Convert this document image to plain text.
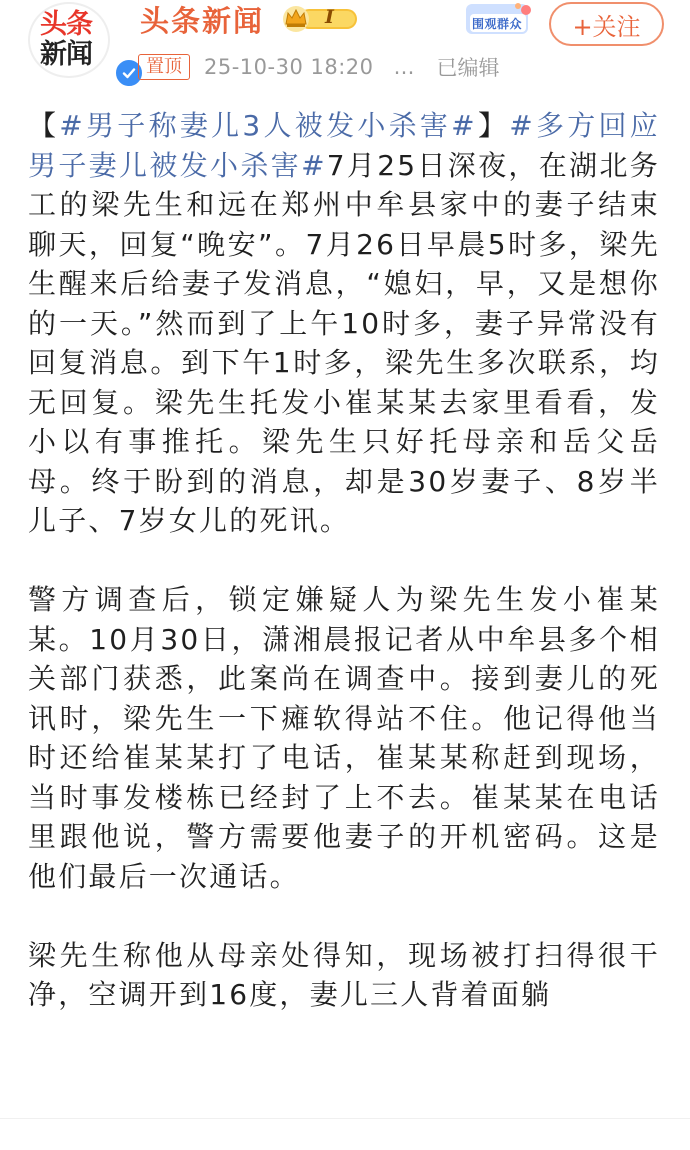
头条
新闻
头条新闻	I	围观群众 +关注
置顶	25-10-30 18:20 … 已编辑

【#男子称妻儿3人被发小杀害#】#多方回应男子妻儿被发小杀害#7月25日深夜，在湖北务工的梁先生和远在郑州中牟县家中的妻子结束聊天，回复“晚安”。7月26日早晨5时多，梁先生醒来后给妻子发消息，“媳妇，早，又是想你的一天。”然而到了上午10时多，妻子异常没有回复消息。到下午1时多，梁先生多次联系，均无回复。梁先生托发小崔某某去家里看看，发小以有事推托。梁先生只好托母亲和岳父岳母。终于盼到的消息，却是30岁妻子、8岁半儿子、7岁女儿的死讯。

警方调查后，锁定嫌疑人为梁先生发小崔某某。10月30日，潇湘晨报记者从中牟县多个相关部门获悉，此案尚在调查中。接到妻儿的死讯时，梁先生一下瘫软得站不住。他记得他当时还给崔某某打了电话，崔某某称赶到现场，当时事发楼栋已经封了上不去。崔某某在电话里跟他说，警方需要他妻子的开机密码。这是他们最后一次通话。

梁先生称他从母亲处得知，现场被打扫得很干净，空调开到16度，妻儿三人背着面躺
